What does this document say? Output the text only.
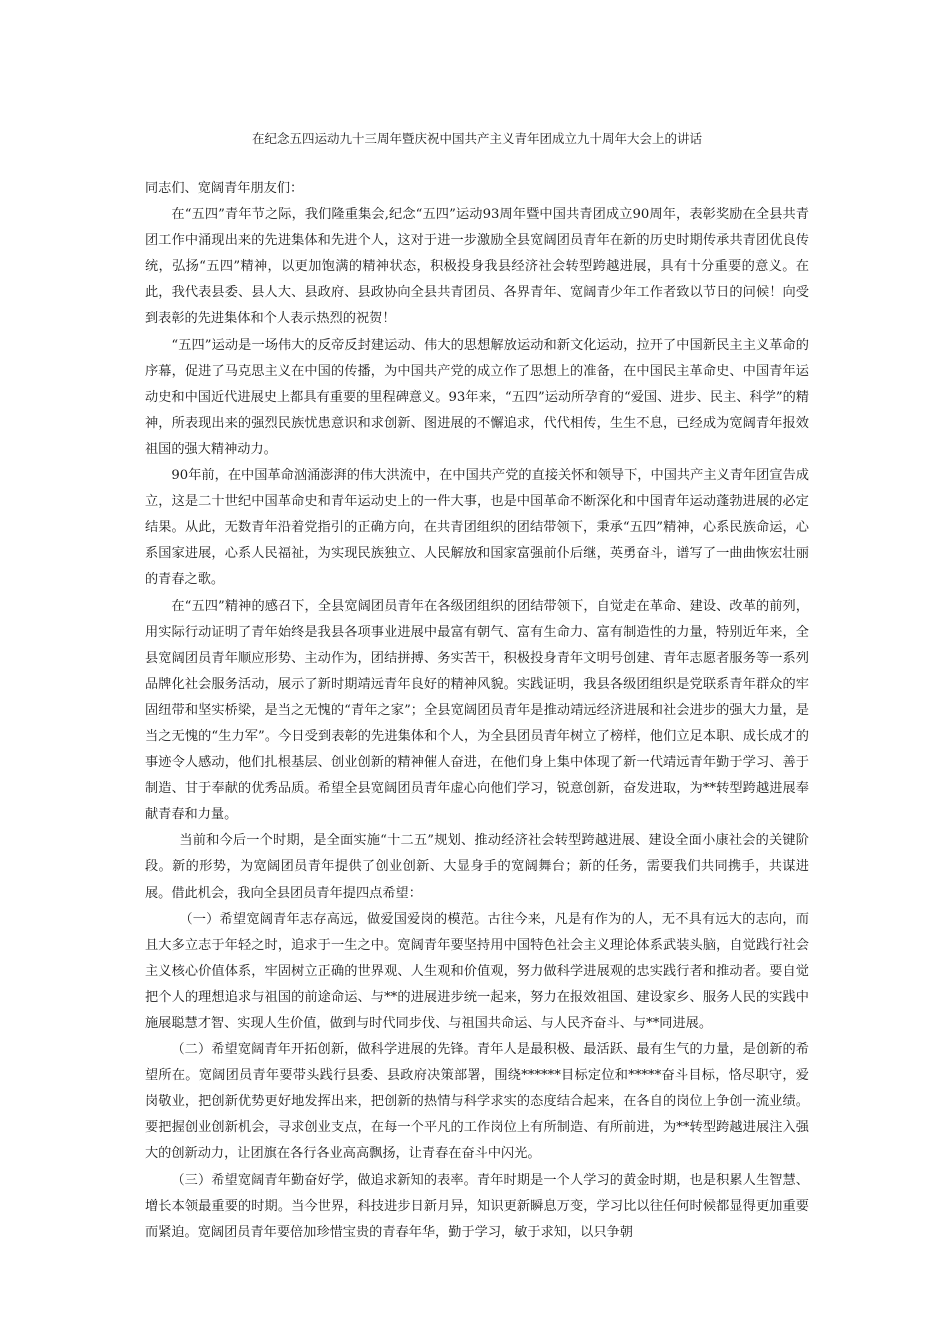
在纪念五四运动九十三周年暨庆祝中国共产主义青年团成立九十周年大会上的讲话

同志们、宽阔青年朋友们：

在“五四”青年节之际，我们隆重集会,纪念“五四”运动93周年暨中国共青团成立90周年，表彰奖励在全县共青团工作中涌现出来的先进集体和先进个人，这对于进一步激励全县宽阔团员青年在新的历史时期传承共青团优良传统，弘扬“五四”精神，以更加饱满的精神状态，积极投身我县经济社会转型跨越进展，具有十分重要的意义。在此，我代表县委、县人大、县政府、县政协向全县共青团员、各界青年、宽阔青少年工作者致以节日的问候！向受到表彰的先进集体和个人表示热烈的祝贺！

“五四”运动是一场伟大的反帝反封建运动、伟大的思想解放运动和新文化运动，拉开了中国新民主主义革命的序幕，促进了马克思主义在中国的传播，为中国共产党的成立作了思想上的准备，在中国民主革命史、中国青年运动史和中国近代进展史上都具有重要的里程碑意义。93年来，“五四”运动所孕育的“爱国、进步、民主、科学”的精神，所表现出来的强烈民族忧患意识和求创新、图进展的不懈追求，代代相传，生生不息，已经成为宽阔青年报效祖国的强大精神动力。

90年前，在中国革命汹涌澎湃的伟大洪流中，在中国共产党的直接关怀和领导下，中国共产主义青年团宣告成立，这是二十世纪中国革命史和青年运动史上的一件大事，也是中国革命不断深化和中国青年运动蓬勃进展的必定结果。从此，无数青年沿着党指引的正确方向，在共青团组织的团结带领下，秉承“五四”精神，心系民族命运，心系国家进展，心系人民福祉，为实现民族独立、人民解放和国家富强前仆后继，英勇奋斗，谱写了一曲曲恢宏壮丽的青春之歌。

在“五四”精神的感召下，全县宽阔团员青年在各级团组织的团结带领下，自觉走在革命、建设、改革的前列，用实际行动证明了青年始终是我县各项事业进展中最富有朝气、富有生命力、富有制造性的力量，特别近年来，全县宽阔团员青年顺应形势、主动作为，团结拼搏、务实苦干，积极投身青年文明号创建、青年志愿者服务等一系列品牌化社会服务活动，展示了新时期靖远青年良好的精神风貌。实践证明，我县各级团组织是党联系青年群众的牢固纽带和坚实桥梁，是当之无愧的“青年之家”；全县宽阔团员青年是推动靖远经济进展和社会进步的强大力量，是当之无愧的“生力军”。今日受到表彰的先进集体和个人，为全县团员青年树立了榜样，他们立足本职、成长成才的事迹令人感动，他们扎根基层、创业创新的精神催人奋进，在他们身上集中体现了新一代靖远青年勤于学习、善于制造、甘于奉献的优秀品质。希望全县宽阔团员青年虚心向他们学习，锐意创新，奋发进取，为**转型跨越进展奉献青春和力量。

当前和今后一个时期，是全面实施“十二五”规划、推动经济社会转型跨越进展、建设全面小康社会的关键阶段。新的形势，为宽阔团员青年提供了创业创新、大显身手的宽阔舞台；新的任务，需要我们共同携手，共谋进展。借此机会，我向全县团员青年提四点希望：

（一）希望宽阔青年志存高远，做爱国爱岗的模范。古往今来，凡是有作为的人，无不具有远大的志向，而且大多立志于年轻之时，追求于一生之中。宽阔青年要坚持用中国特色社会主义理论体系武装头脑，自觉践行社会主义核心价值体系，牢固树立正确的世界观、人生观和价值观，努力做科学进展观的忠实践行者和推动者。要自觉把个人的理想追求与祖国的前途命运、与**的进展进步统一起来，努力在报效祖国、建设家乡、服务人民的实践中施展聪慧才智、实现人生价值，做到与时代同步伐、与祖国共命运、与人民齐奋斗、与**同进展。

（二）希望宽阔青年开拓创新，做科学进展的先锋。青年人是最积极、最活跃、最有生气的力量，是创新的希望所在。宽阔团员青年要带头践行县委、县政府决策部署，围绕******目标定位和*****奋斗目标，恪尽职守，爱岗敬业，把创新优势更好地发挥出来，把创新的热情与科学求实的态度结合起来，在各自的岗位上争创一流业绩。要把握创业创新机会，寻求创业支点，在每一个平凡的工作岗位上有所制造、有所前进，为**转型跨越进展注入强大的创新动力，让团旗在各行各业高高飘扬，让青春在奋斗中闪光。

（三）希望宽阔青年勤奋好学，做追求新知的表率。青年时期是一个人学习的黄金时期，也是积累人生智慧、增长本领最重要的时期。当今世界，科技进步日新月异，知识更新瞬息万变，学习比以往任何时候都显得更加重要而紧迫。宽阔团员青年要倍加珍惜宝贵的青春年华，勤于学习，敏于求知，以只争朝
